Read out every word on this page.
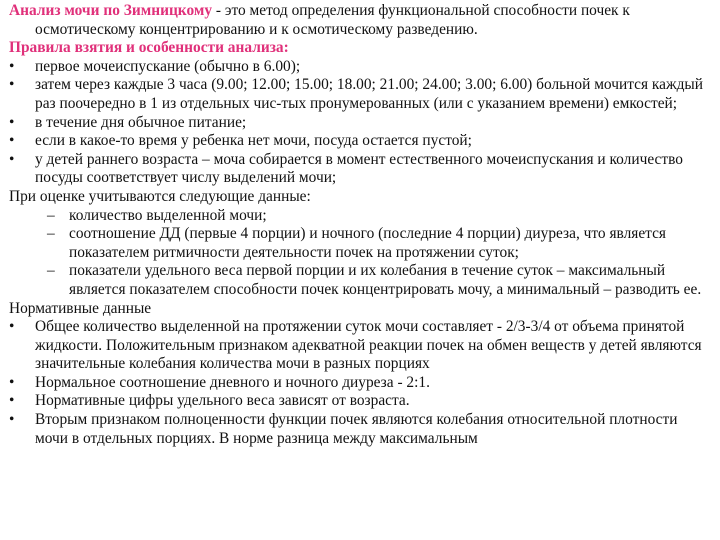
Анализ мочи по Зимницкому - это метод определения функциональной способности почек к осмотическому концентрированию и к осмотическому разведению.

Правила взятия и особенности анализа:

• первое мочеиспускание (обычно в 6.00);
• затем через каждые 3 часа (9.00; 12.00; 15.00; 18.00; 21.00; 24.00; 3.00; 6.00) больной мочится каждый раз поочередно в 1 из отдельных чис-тых пронумерованных (или с указанием времени) емкостей;
• в течение дня обычное питание;
• если в какое-то время у ребенка нет мочи, посуда остается пустой;
• у детей раннего возраста – моча собирается в момент естественного мочеиспускания и количество посуды соответствует числу выделений мочи;

При оценке учитываются следующие данные:

– количество выделенной мочи;
– соотношение ДД (первые 4 порции) и ночного (последние 4 порции) диуреза, что является показателем ритмичности деятельности почек на протяжении суток;
– показатели удельного веса первой порции и их колебания в течение суток – максимальный является показателем способности почек концентрировать мочу, а минимальный – разводить ее.

Нормативные данные

• Общее количество выделенной на протяжении суток мочи составляет - 2/3-3/4 от объема принятой жидкости. Положительным признаком адекватной реакции почек на обмен веществ у детей являются значительные колебания количества мочи в разных порциях
• Нормальное соотношение дневного и ночного диуреза - 2:1.
• Нормативные цифры удельного веса зависят от возраста.
• Вторым признаком полноценности функции почек являются колебания относительной плотности мочи в отдельных порциях. В норме разница между максимальным
